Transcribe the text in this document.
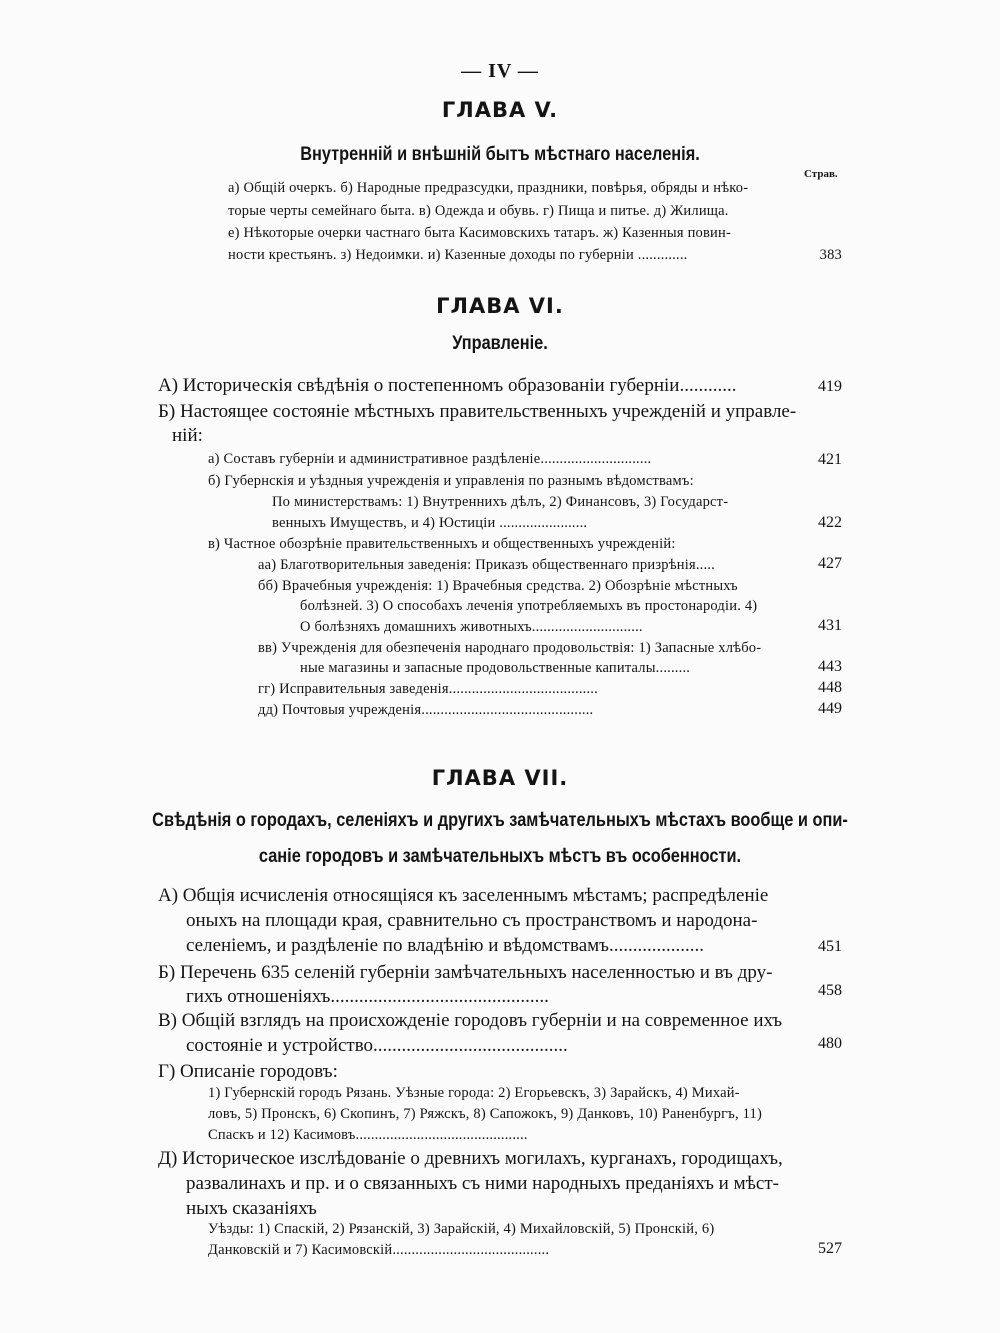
— IV —
ГЛАВА V.
Внутренній и внѣшній бытъ мѣстнаго населенія.
Страв.
а) Общій очеркъ. б) Народные предразсудки, праздники, повѣрья, обряды и нѣко-
торые черты семейнаго быта. в) Одежда и обувь. г) Пища и питье. д) Жилища.
е) Нѣкоторые очерки частнаго быта Касимовскихъ татаръ. ж) Казенныя повин-
ности крестьянъ. з) Недоимки. и) Казенные доходы по губерніи .............	383
ГЛАВА VI.
Управленіе.
А) Историческія свѣдѣнія о постепенномъ образованіи губерніи............	419
Б) Настоящее состояніе мѣстныхъ правительственныхъ учрежденій и управле-
ній:
а) Составъ губерніи и административное раздѣленіе.............................	421
б) Губернскія и уѣздныя учрежденія и управленія по разнымъ вѣдомствамъ:
По министерствамъ: 1) Внутреннихъ дѣлъ, 2) Финансовъ, 3) Государст-
венныхъ Имуществъ, и 4) Юстиціи .......................	422
в) Частное обозрѣніе правительственныхъ и общественныхъ учрежденій:
аа) Благотворительныя заведенія: Приказъ общественнаго призрѣнія.....	427
бб) Врачебныя учрежденія: 1) Врачебныя средства. 2) Обозрѣніе мѣстныхъ
болѣзней. 3) О способахъ леченія употребляемыхъ въ простонародіи. 4)
О болѣзняхъ домашнихъ животныхъ.............................	431
вв) Учрежденія для обезпеченія народнаго продовольствія: 1) Запасные хлѣбо-
ные магазины и запасные продовольственные капиталы.........	443
гг) Исправительныя заведенія.......................................	448
дд) Почтовыя учрежденія.............................................	449
ГЛАВА VII.
Свѣдѣнія о городахъ, селеніяхъ и другихъ замѣчательныхъ мѣстахъ вообще и опи-
саніе городовъ и замѣчательныхъ мѣстъ въ особенности.
А) Общія исчисленія относящіяся къ заселеннымъ мѣстамъ; распредѣленіе
оныхъ на площади края, сравнительно съ пространствомъ и народона-
селеніемъ, и раздѣленіе по владѣнію и вѣдомствамъ....................	451
Б) Перечень 635 селеній губерніи замѣчательныхъ населенностью и въ дру-
гихъ отношеніяхъ..............................................	458
В) Общій взглядъ на происхожденіе городовъ губерніи и на современное ихъ
состояніе и устройство.........................................	480
Г) Описаніе городовъ:
1) Губернскій городъ Рязань. Уѣзные города: 2) Егорьевскъ, 3) Зарайскъ, 4) Михай-
ловъ, 5) Пронскъ, 6) Скопинъ, 7) Ряжскъ, 8) Сапожокъ, 9) Данковъ, 10) Раненбургъ, 11)
Спаскъ и 12) Касимовъ.............................................
Д) Историческое изслѣдованіе о древнихъ могилахъ, курганахъ, городищахъ,
развалинахъ и пр. и о связанныхъ съ ними народныхъ преданіяхъ и мѣст-
ныхъ сказаніяхъ
Уѣзды: 1) Спаскій, 2) Рязанскій, 3) Зарайскій, 4) Михайловскій, 5) Пронскій, 6)
Данковскій и 7) Касимовскій.........................................	527
